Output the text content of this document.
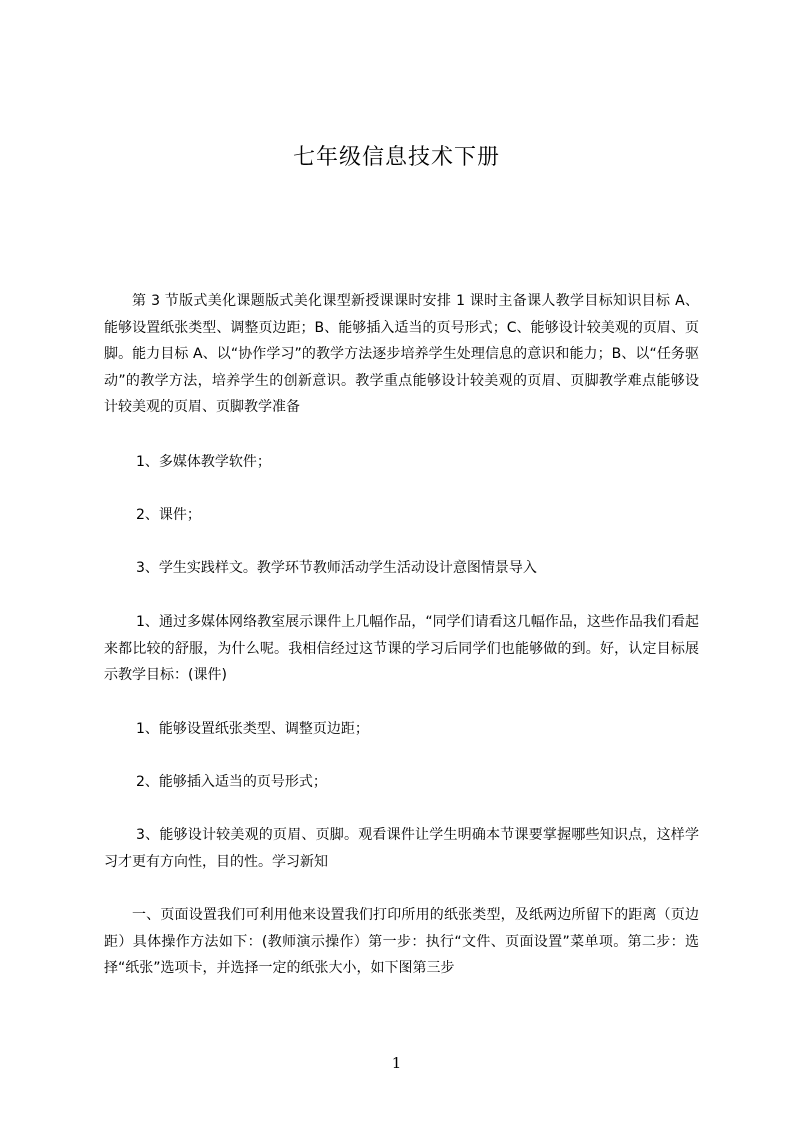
七年级信息技术下册

第 3 节版式美化课题版式美化课型新授课课时安排 1 课时主备课人教学目标知识目标 A、能够设置纸张类型、调整页边距；B、能够插入适当的页号形式；C、能够设计较美观的页眉、页脚。能力目标 A、以“协作学习”的教学方法逐步培养学生处理信息的意识和能力；B、以“任务驱动”的教学方法，培养学生的创新意识。教学重点能够设计较美观的页眉、页脚教学难点能够设计较美观的页眉、页脚教学准备

1、多媒体教学软件；

2、课件；

3、学生实践样文。教学环节教师活动学生活动设计意图情景导入

1、通过多媒体网络教室展示课件上几幅作品，“同学们请看这几幅作品，这些作品我们看起来都比较的舒服，为什么呢。我相信经过这节课的学习后同学们也能够做的到。好，认定目标展示教学目标：(课件)

1、能够设置纸张类型、调整页边距；

2、能够插入适当的页号形式；

3、能够设计较美观的页眉、页脚。观看课件让学生明确本节课要掌握哪些知识点，这样学习才更有方向性，目的性。学习新知

一、页面设置我们可利用他来设置我们打印所用的纸张类型，及纸两边所留下的距离（页边距）具体操作方法如下：(教师演示操作）第一步：执行“文件、页面设置”菜单项。第二步：选择“纸张”选项卡，并选择一定的纸张大小，如下图第三步

1
